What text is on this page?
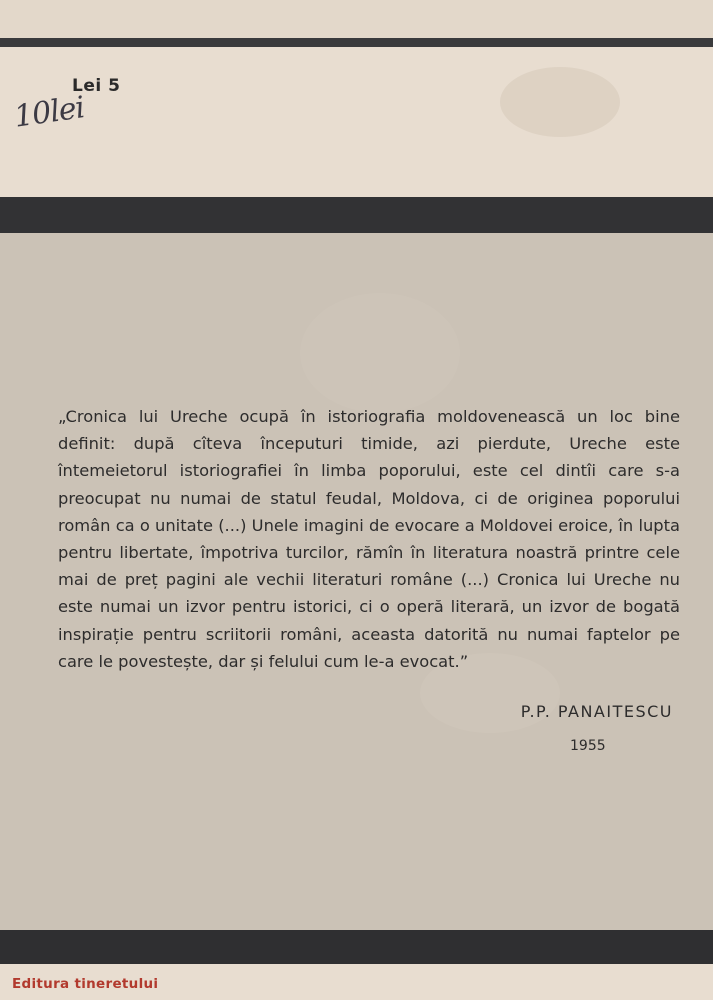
Lei 5
10lei
„Cronica lui Ureche ocupă în istoriografia moldovenească un loc bine definit: după cîteva începuturi timide, azi pierdute, Ureche este întemeietorul istoriografiei în limba poporului, este cel dintîi care s-a preocupat nu numai de statul feudal, Moldova, ci de originea poporului român ca o unitate (...) Unele imagini de evocare a Moldovei eroice, în lupta pentru libertate, împotriva turcilor, rămîn în literatura noastră printre cele mai de preț pagini ale vechii literaturi române (...) Cronica lui Ureche nu este numai un izvor pentru istorici, ci o operă literară, un izvor de bogată inspirație pentru scriitorii români, aceasta datorită nu numai faptelor pe care le povestește, dar și felului cum le-a evocat.”
P.P. PANAITESCU
1955
Editura tineretului
